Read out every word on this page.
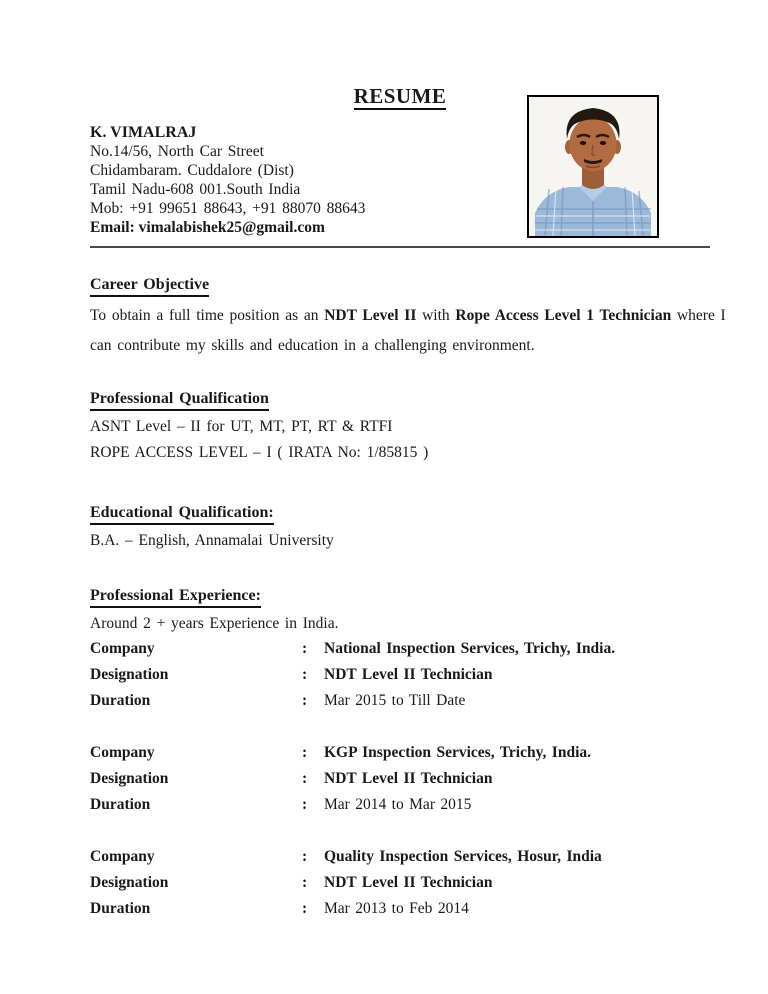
RESUME
K. VIMALRAJ
No.14/56, North Car Street
Chidambaram. Cuddalore (Dist)
Tamil Nadu-608 001.South India
Mob: +91 99651 88643, +91 88070 88643
Email: vimalabishek25@gmail.com
Career Objective
To obtain a full time position as an NDT Level II with Rope Access Level 1 Technician where I
can contribute my skills and education in a challenging environment.
Professional Qualification
ASNT Level – II for UT, MT, PT, RT & RTFI
ROPE ACCESS LEVEL – I ( IRATA No: 1/85815 )
Educational Qualification:
B.A. – English, Annamalai University
Professional Experience:
Around 2 + years Experience in India.
Company	:	National Inspection Services, Trichy, India.
Designation	:	NDT Level II Technician
Duration	:	Mar 2015 to Till Date
Company	:	KGP Inspection Services, Trichy, India.
Designation	:	NDT Level II Technician
Duration	:	Mar 2014 to Mar 2015
Company	:	Quality Inspection Services, Hosur, India
Designation	:	NDT Level II Technician
Duration	:	Mar 2013 to Feb 2014
